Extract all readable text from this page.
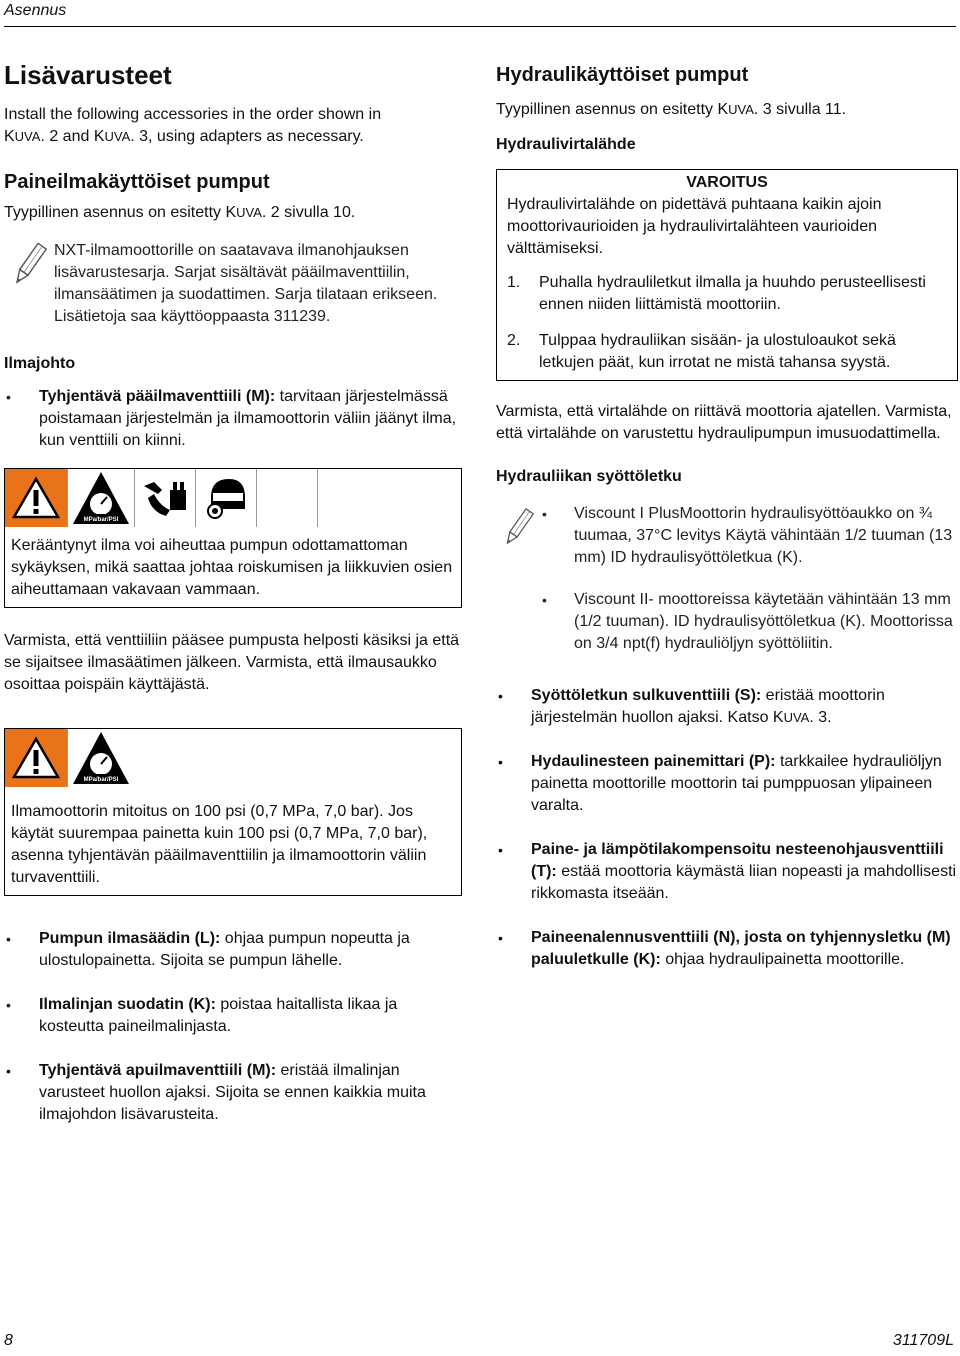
Asennus
Lisävarusteet

Install the following accessories in the order shown in
KUVA. 2 and KUVA. 3, using adapters as necessary.

Paineilmakäyttöiset pumput

Tyypillinen asennus on esitetty KUVA. 2 sivulla 10.

NXT-ilmamoottorille on saatavava ilmanohjauksen lisävarustesarja. Sarjat sisältävät pääilmaventtiilin, ilmansäätimen ja suodattimen. Sarja tilataan erikseen. Lisätietoja saa käyttöoppaasta 311239.

Ilmajohto
•	Tyhjentävä pääilmaventtiili (M): tarvitaan järjestelmässä poistamaan järjestelmän ja ilmamoottorin väliin jäänyt ilma, kun venttiili on kiinni.

MPa/bar/PSI

Kerääntynyt ilma voi aiheuttaa pumpun odottamattoman sykäyksen, mikä saattaa johtaa roiskumisen ja liikkuvien osien aiheuttamaan vakavaan vammaan.

Varmista, että venttiiliin pääsee pumpusta helposti käsiksi ja että se sijaitsee ilmasäätimen jälkeen. Varmista, että ilmausaukko osoittaa poispäin käyttäjästä.

MPa/bar/PSI

Ilmamoottorin mitoitus on 100 psi (0,7 MPa, 7,0 bar). Jos käytät suurempaa painetta kuin 100 psi (0,7 MPa, 7,0 bar), asenna tyhjentävän pääilmaventtiilin ja ilmamoottorin väliin turvaventtiili.

•	Pumpun ilmasäädin (L): ohjaa pumpun nopeutta ja ulostulopainetta. Sijoita se pumpun lähelle.

•	Ilmalinjan suodatin (K): poistaa haitallista likaa ja kosteutta paineilmalinjasta.

•	Tyhjentävä apuilmaventtiili (M): eristää ilmalinjan varusteet huollon ajaksi. Sijoita se ennen kaikkia muita ilmajohdon lisävarusteita.

Hydraulikäyttöiset pumput

Tyypillinen asennus on esitetty KUVA. 3 sivulla 11.

Hydraulivirtalähde
VAROITUS

Hydraulivirtalähde on pidettävä puhtaana kaikin ajoin moottorivaurioiden ja hydraulivirtalähteen vaurioiden välttämiseksi.

1.	Puhalla hydrauliletkut ilmalla ja huuhdo perusteellisesti ennen niiden liittämistä moottoriin.

2.	Tulppaa hydrauliikan sisään- ja ulostuloaukot sekä letkujen päät, kun irrotat ne mistä tahansa syystä.

Varmista, että virtalähde on riittävä moottoria ajatellen. Varmista, että virtalähde on varustettu hydraulipumpun imusuodattimella.

Hydrauliikan syöttöletku
•	Viscount I PlusMoottorin hydraulisyöttöaukko on ¾ tuumaa, 37°C levitys Käytä vähintään 1/2 tuuman (13 mm) ID hydraulisyöttöletkua (K).

•	Viscount II- moottoreissa käytetään vähintään 13 mm (1/2 tuuman). ID hydraulisyöttöletkua (K). Moottorissa on 3/4 npt(f) hydrauliöljyn syöttöliitin.

•	Syöttöletkun sulkuventtiili (S): eristää moottorin järjestelmän huollon ajaksi. Katso KUVA. 3.

•	Hydaulinesteen painemittari (P): tarkkailee hydrauliöljyn painetta moottorille moottorin tai pumppuosan ylipaineen varalta.

•	Paine- ja lämpötilakompensoitu nesteenohjausventtiili (T): estää moottoria käymästä liian nopeasti ja mahdollisesti rikkomasta itseään.

•	Paineenalennusventtiili (N), josta on tyhjennysletku (M) paluuletkulle (K): ohjaa hydraulipainetta moottorille.

8	311709L
